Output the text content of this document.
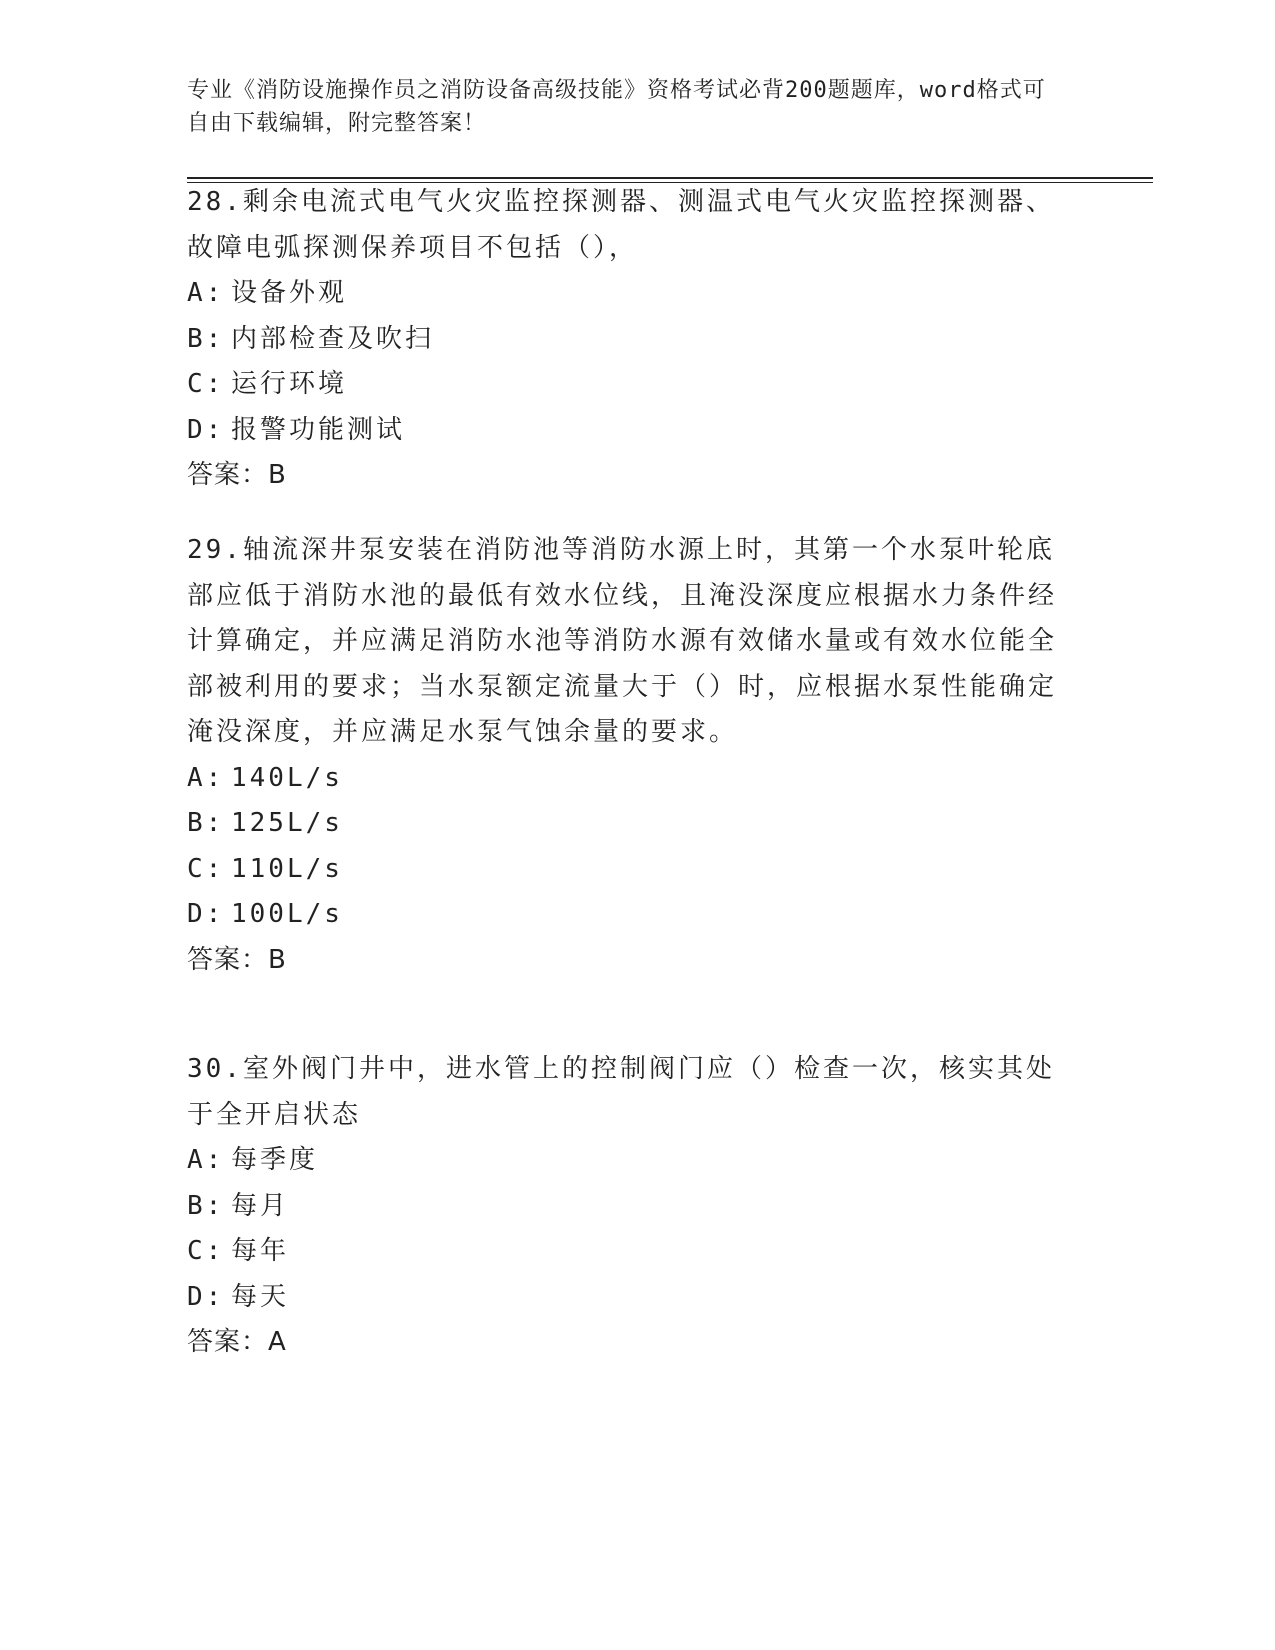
专业《消防设施操作员之消防设备高级技能》资格考试必背200题题库，word格式可自由下载编辑，附完整答案！
28.剩余电流式电气火灾监控探测器、测温式电气火灾监控探测器、故障电弧探测保养项目不包括（），
A: 设备外观
B: 内部检查及吹扫
C: 运行环境
D: 报警功能测试
答案：B
29.轴流深井泵安装在消防池等消防水源上时，其第一个水泵叶轮底部应低于消防水池的最低有效水位线，且淹没深度应根据水力条件经计算确定，并应满足消防水池等消防水源有效储水量或有效水位能全部被利用的要求；当水泵额定流量大于（）时，应根据水泵性能确定淹没深度，并应满足水泵气蚀余量的要求。
A: 140L/s
B: 125L/s
C: 110L/s
D: 100L/s
答案：B
30.室外阀门井中，进水管上的控制阀门应（）检查一次，核实其处于全开启状态
A: 每季度
B: 每月
C: 每年
D: 每天
答案：A
